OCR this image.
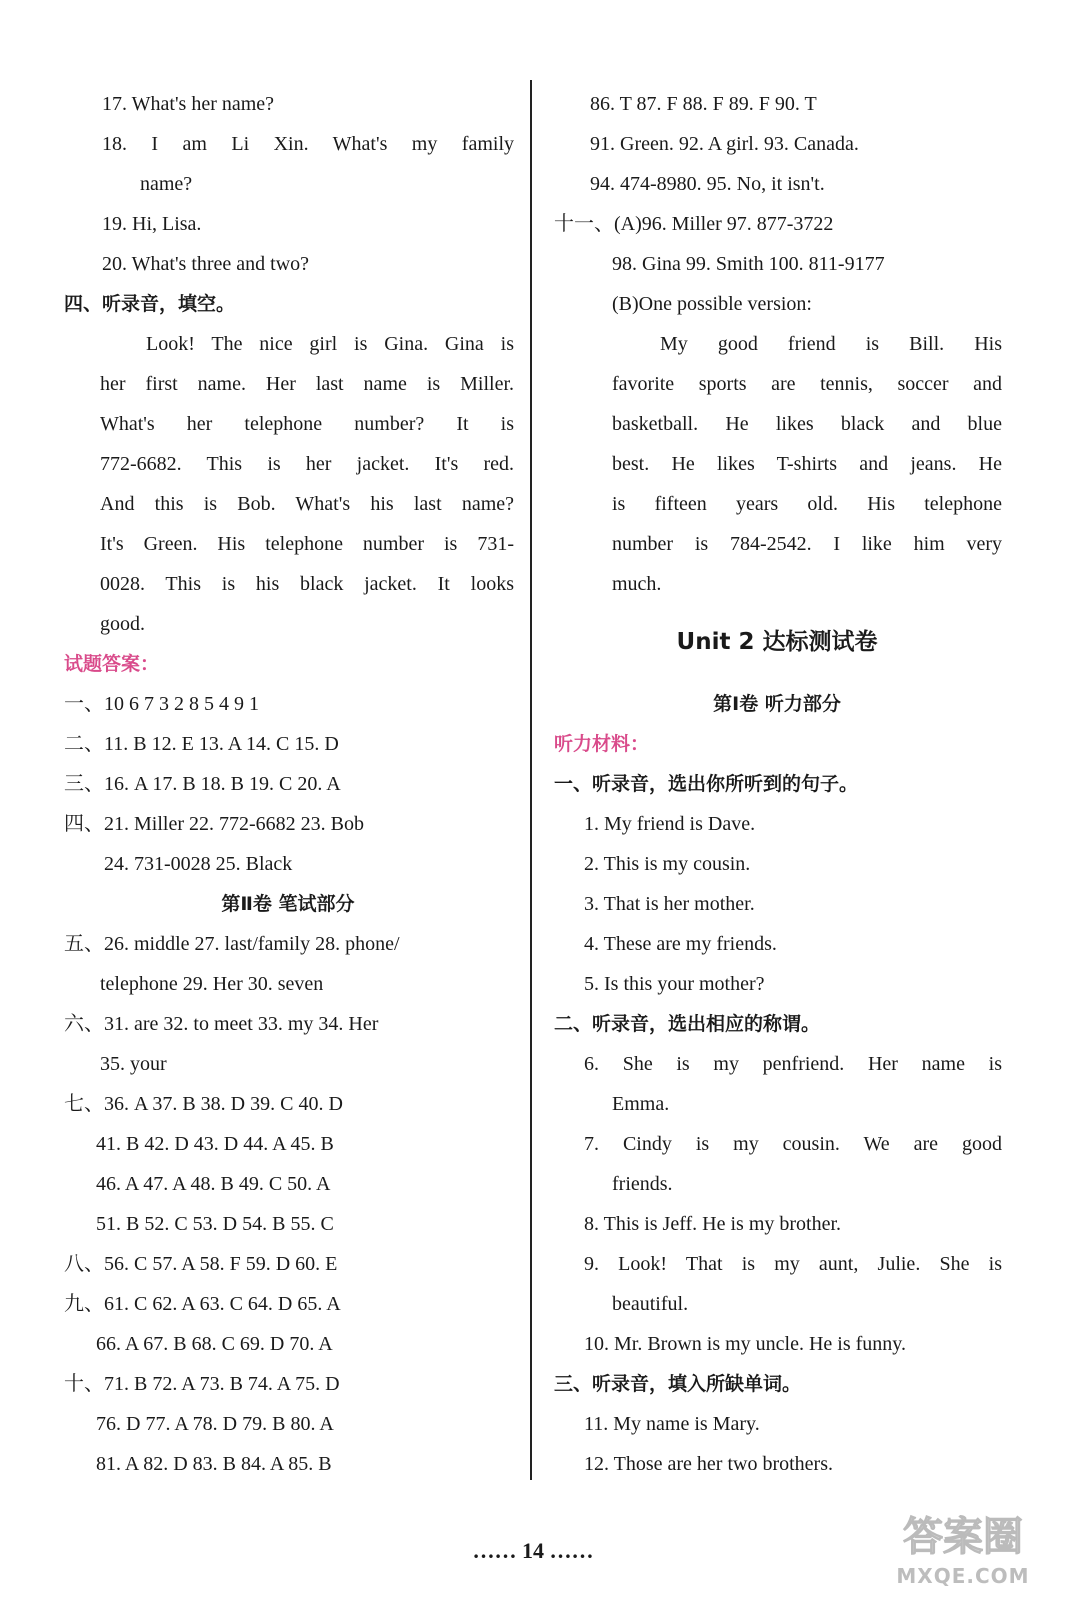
17. What's her name?
18. I am Li Xin. What's my family
name?
19. Hi, Lisa.
20. What's three and two?
四、听录音，填空。
Look! The nice girl is Gina. Gina is
her first name. Her last name is Miller.
What's her telephone number? It is
772-6682. This is her jacket. It's red.
And this is Bob. What's his last name?
It's Green. His telephone number is 731-
0028. This is his black jacket. It looks
good.
试题答案：
一、10 6 7 3 2 8 5 4 9 1
二、11. B 12. E 13. A 14. C 15. D
三、16. A 17. B 18. B 19. C 20. A
四、21. Miller 22. 772-6682 23. Bob
24. 731-0028 25. Black
第Ⅱ卷 笔试部分
五、26. middle 27. last/family 28. phone/
telephone 29. Her 30. seven
六、31. are 32. to meet 33. my 34. Her
35. your
七、36. A 37. B 38. D 39. C 40. D
41. B 42. D 43. D 44. A 45. B
46. A 47. A 48. B 49. C 50. A
51. B 52. C 53. D 54. B 55. C
八、56. C 57. A 58. F 59. D 60. E
九、61. C 62. A 63. C 64. D 65. A
66. A 67. B 68. C 69. D 70. A
十、71. B 72. A 73. B 74. A 75. D
76. D 77. A 78. D 79. B 80. A
81. A 82. D 83. B 84. A 85. B
86. T 87. F 88. F 89. F 90. T
91. Green. 92. A girl. 93. Canada.
94. 474-8980. 95. No, it isn't.
十一、(A)96. Miller 97. 877-3722
98. Gina 99. Smith 100. 811-9177
(B)One possible version:
My good friend is Bill. His
favorite sports are tennis, soccer and
basketball. He likes black and blue
best. He likes T-shirts and jeans. He
is fifteen years old. His telephone
number is 784-2542. I like him very
much.
Unit 2 达标测试卷
第Ⅰ卷 听力部分
听力材料：
一、听录音，选出你所听到的句子。
1. My friend is Dave.
2. This is my cousin.
3. That is her mother.
4. These are my friends.
5. Is this your mother?
二、听录音，选出相应的称谓。
6. She is my penfriend. Her name is
Emma.
7. Cindy is my cousin. We are good
friends.
8. This is Jeff. He is my brother.
9. Look! That is my aunt, Julie. She is
beautiful.
10. Mr. Brown is my uncle. He is funny.
三、听录音，填入所缺单词。
11. My name is Mary.
12. Those are her two brothers.
…… 14 ……	答案圈
MXQE.COM
